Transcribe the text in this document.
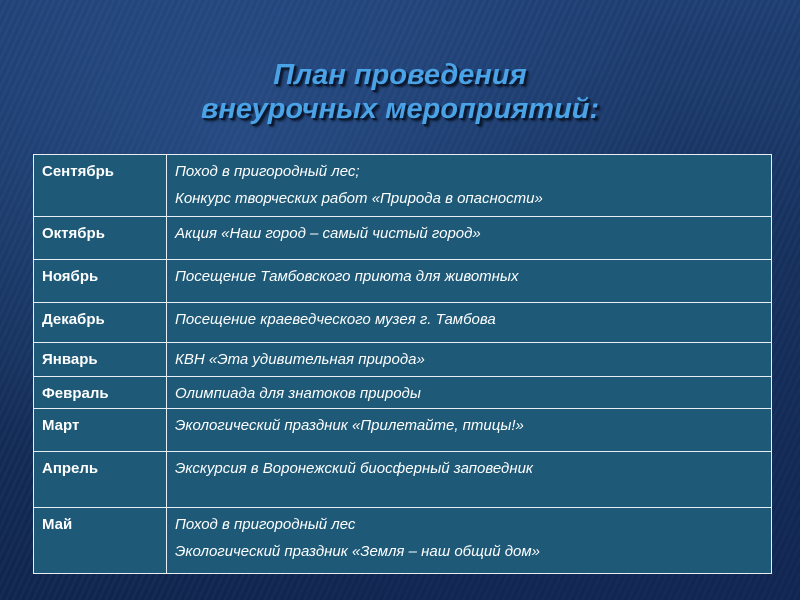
План проведения
внеурочных мероприятий:
Сентябрь	Поход в пригородный лес;
Конкурс творческих работ «Природа в опасности»

Октябрь	Акция «Наш город – самый чистый город»

Ноябрь	Посещение Тамбовского приюта для животных

Декабрь	Посещение краеведческого музея г. Тамбова

Январь	КВН «Эта удивительная природа»

Февраль	Олимпиада для знатоков природы

Март	Экологический праздник «Прилетайте, птицы!»

Апрель	Экскурсия в Воронежский биосферный заповедник

Май	Поход в пригородный лес
Экологический праздник «Земля – наш общий дом»
